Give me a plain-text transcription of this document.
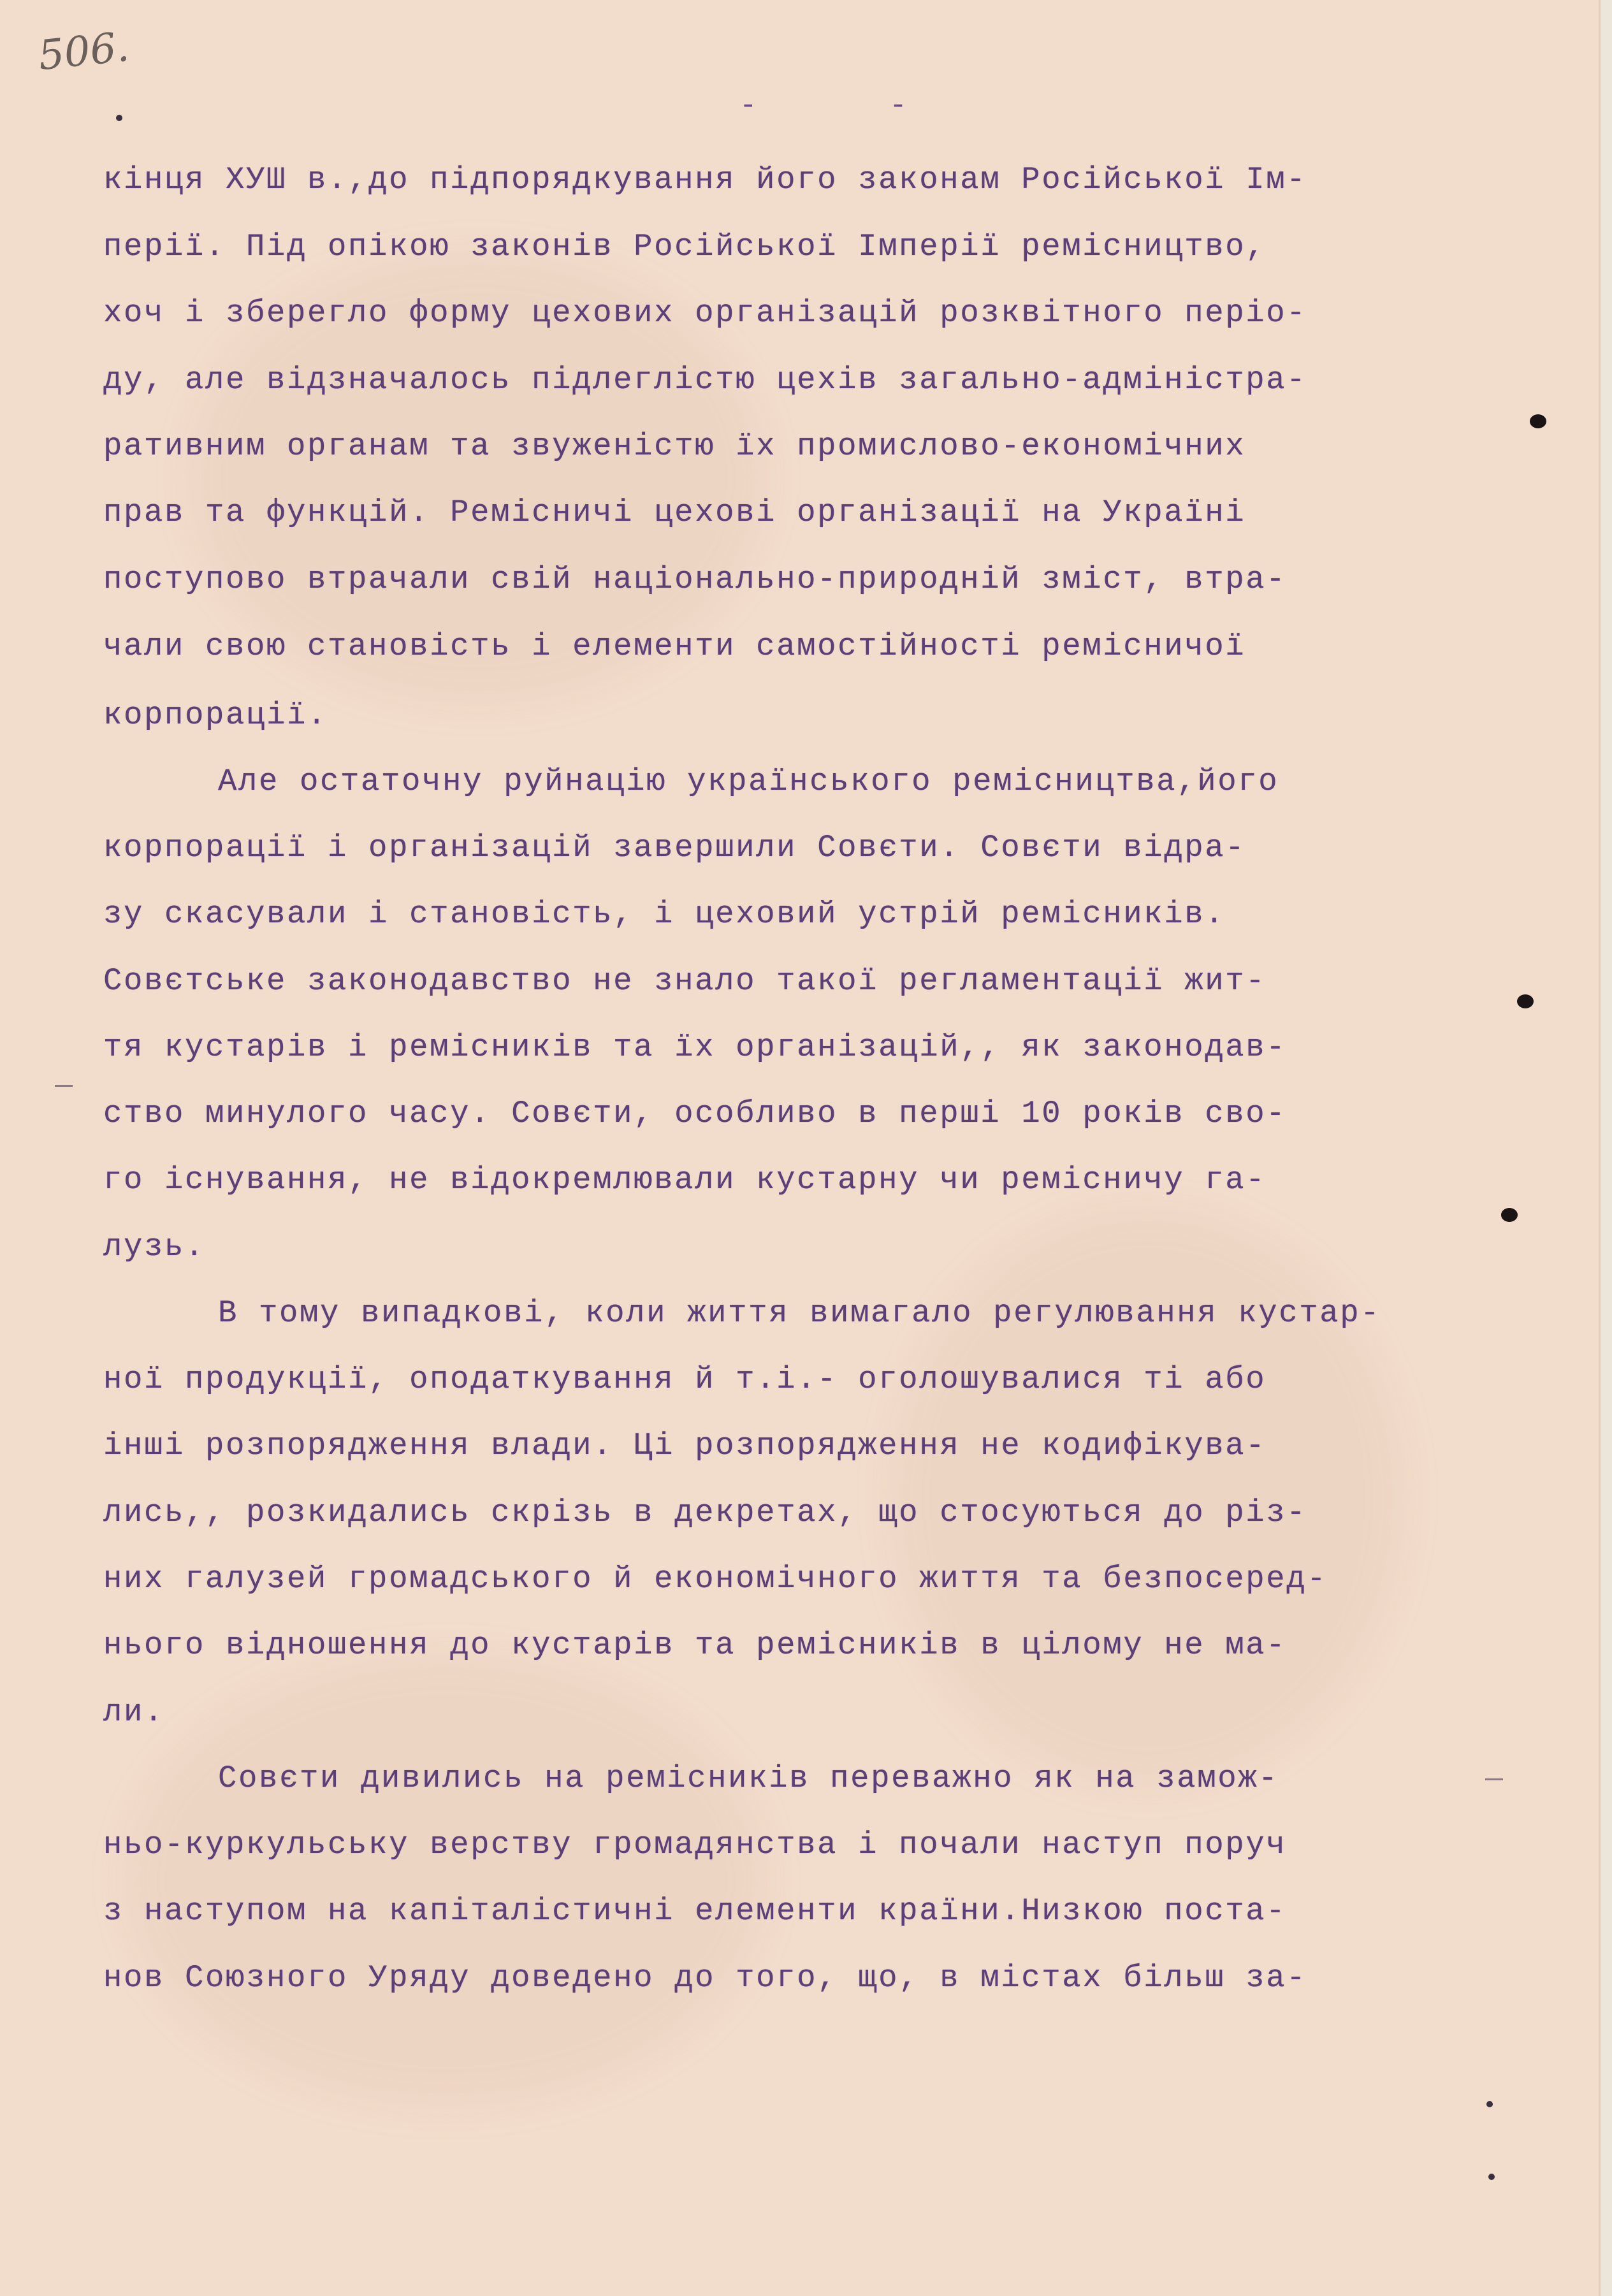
506.
- -
кінця ХУШ в.,до підпорядкування його законам Російської Ім-
перії. Під опікою законів Російської Імперії ремісництво,
хоч і зберегло форму цехових організацій розквітного періо-
ду, але відзначалось підлеглістю цехів загально-адміністра-
ративним органам та звуженістю їх промислово-економічних
прав та функцій. Ремісничі цехові організації на Україні
поступово втрачали свій національно-природній зміст, втра-
чали свою становість і елементи самостійності ремісничої
корпорації.
Але остаточну руйнацію українського ремісництва,його
корпорації і організацій завершили Совєти. Совєти відра-
зу скасували і становість, і цеховий устрій ремісників.
Совєтське законодавство не знало такої регламентації жит-
тя кустарів і ремісників та їх організацій,, як законодав-
ство минулого часу. Совєти, особливо в перші 10 років сво-
го існування, не відокремлювали кустарну чи ремісничу га-
лузь.
В тому випадкові, коли життя вимагало регулювання кустар-
ної продукції, оподаткування й т.і.- оголошувалися ті або
інші розпорядження влади. Ці розпорядження не кодифікува-
лись,, розкидались скрізь в декретах, що стосуються до різ-
них галузей громадського й економічного життя та безпосеред-
нього відношення до кустарів та ремісників в цілому не ма-
ли.
Совєти дивились на ремісників переважно як на замож-
ньо-куркульську верству громадянства і почали наступ поруч
з наступом на капіталістичні елементи країни.Низкою поста-
нов Союзного Уряду доведено до того, що, в містах більш за-
